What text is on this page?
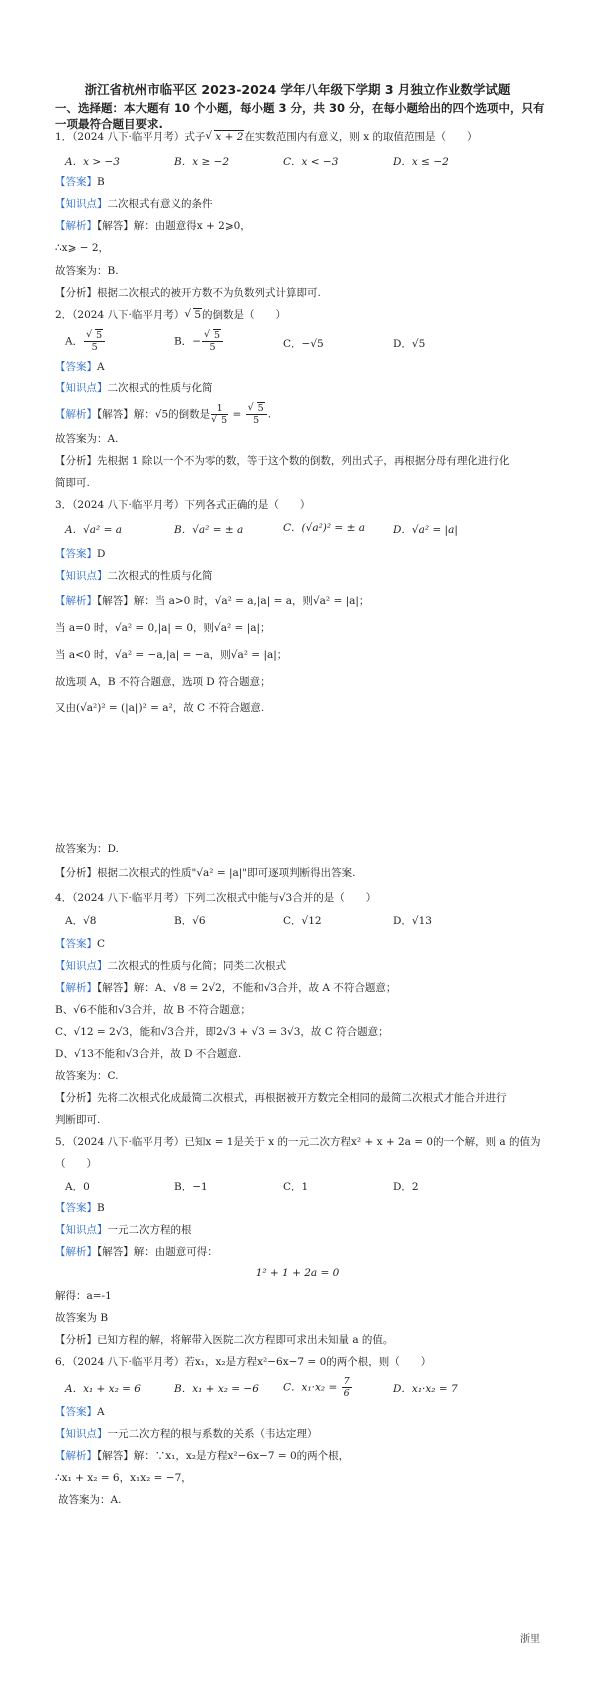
浙江省杭州市临平区 2023-2024 学年八年级下学期 3 月独立作业数学试题
一、选择题：本大题有 10 个小题，每小题 3 分，共 30 分，在每小题给出的四个选项中，只有一项最符合题目要求.
1．（2024 八下·临平月考）式子 √ x + 2在实数范围内有意义，则 x 的取值范围是（　　）
A．x > −3	B．x ≥ −2	C．x < −3	D．x ≤ −2
【答案】B
【知识点】二次根式有意义的条件
【解析】【解答】解：由题意得x + 2⩾0，
∴x⩾ − 2，
故答案为：B.
【分析】根据二次根式的被开方数不为负数列式计算即可.
2．（2024 八下·临平月考） √ 5的倒数是（　　）
A． √ $\frac{5}{5}$	B．− √ $\frac{5}{5}$	C．−√5	D．√5
【答案】A
【知识点】二次根式的性质与化简
【解析】【解答】解：√5的倒数是 1
√ 5 = √ $\frac{5}{5}$ .
故答案为：A.
【分析】先根据 1 除以一个不为零的数，等于这个数的倒数，列出式子，再根据分母有理化进行化
简即可.
3．（2024 八下·临平月考）下列各式正确的是（　　）
A．√a² = a	B．√a² = ± a	C．(√a²)² = ± a	D．√a² = |a|
【答案】D
【知识点】二次根式的性质与化简
【解析】【解答】解：当 a>0 时，√a² = a,|a| = a，则√a² = |a|；
当 a=0 时，√a² = 0,|a| = 0，则√a² = |a|；
当 a<0 时，√a² = −a,|a| = −a，则√a² = |a|；
故选项 A，B 不符合题意，选项 D 符合题意；
又由(√a²)² = (|a|)² = a²，故 C 不符合题意.
故答案为：D.
【分析】根据二次根式的性质"√a² = |a|"即可逐项判断得出答案.
4．（2024 八下·临平月考）下列二次根式中能与√3合并的是（　　）
A．√8	B．√6	C．√12	D．√13
【答案】C
【知识点】二次根式的性质与化简；同类二次根式
【解析】【解答】解：A、√8 = 2√2，不能和√3合并，故 A 不符合题意；
B、√6不能和√3合并，故 B 不符合题意；
C、√12 = 2√3，能和√3合并，即2√3 + √3 = 3√3，故 C 符合题意；
D、√13不能和√3合并，故 D 不合题意.
故答案为：C.
【分析】先将二次根式化成最简二次根式，再根据被开方数完全相同的最简二次根式才能合并进行
判断即可.
5．（2024 八下·临平月考）已知x = 1是关于 x 的一元二次方程x² + x + 2a = 0的一个解，则 a 的值为
（　　）
A．0	B．−1	C．1	D．2
【答案】B
【知识点】一元二次方程的根
【解析】【解答】解：由题意可得：
1² + 1 + 2a = 0
解得：a=-1
故答案为 B
【分析】已知方程的解，将解带入医院二次方程即可求出未知量 a 的值。
6．（2024 八下·临平月考）若x₁，x₂是方程x²−6x−7 = 0的两个根，则（　　）
A．x₁ + x₂ = 6	B．x₁ + x₂ = −6 C．$x_1\cdot x_2 = \frac{7}{6}$	D．x₁·x₂ = 7
【答案】A
【知识点】一元二次方程的根与系数的关系（韦达定理）
【解析】【解答】解：∵x₁，x₂是方程x²−6x−7 = 0的两个根，
∴x₁ + x₂ = 6，x₁x₂ = −7，
故答案为：A.
浙里
